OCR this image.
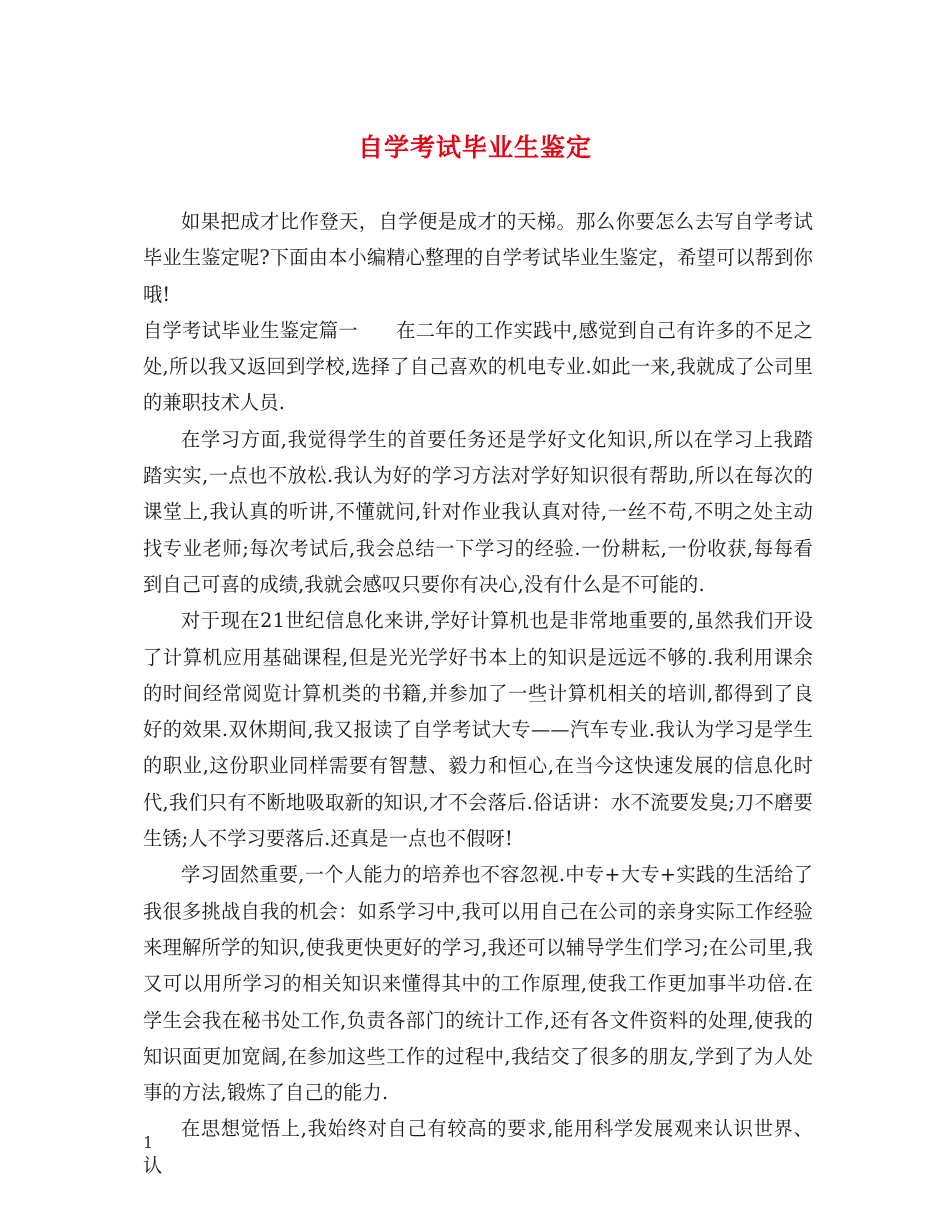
自学考试毕业生鉴定

如果把成才比作登天，自学便是成才的天梯。那么你要怎么去写自学考试毕业生鉴定呢?下面由本小编精心整理的自学考试毕业生鉴定，希望可以帮到你哦!

自学考试毕业生鉴定篇一 在二年的工作实践中,感觉到自己有许多的不足之处,所以我又返回到学校,选择了自己喜欢的机电专业.如此一来,我就成了公司里的兼职技术人员.

在学习方面,我觉得学生的首要任务还是学好文化知识,所以在学习上我踏踏实实,一点也不放松.我认为好的学习方法对学好知识很有帮助,所以在每次的课堂上,我认真的听讲,不懂就问,针对作业我认真对待,一丝不苟,不明之处主动找专业老师;每次考试后,我会总结一下学习的经验.一份耕耘,一份收获,每每看到自己可喜的成绩,我就会感叹只要你有决心,没有什么是不可能的.

对于现在21世纪信息化来讲,学好计算机也是非常地重要的,虽然我们开设了计算机应用基础课程,但是光光学好书本上的知识是远远不够的.我利用课余的时间经常阅览计算机类的书籍,并参加了一些计算机相关的培训,都得到了良好的效果.双休期间,我又报读了自学考试大专——汽车专业.我认为学习是学生的职业,这份职业同样需要有智慧、毅力和恒心,在当今这快速发展的信息化时代,我们只有不断地吸取新的知识,才不会落后.俗话讲：水不流要发臭;刀不磨要生锈;人不学习要落后.还真是一点也不假呀!

学习固然重要,一个人能力的培养也不容忽视.中专+大专+实践的生活给了我很多挑战自我的机会：如系学习中,我可以用自己在公司的亲身实际工作经验来理解所学的知识,使我更快更好的学习,我还可以辅导学生们学习;在公司里,我又可以用所学习的相关知识来懂得其中的工作原理,使我工作更加事半功倍.在学生会我在秘书处工作,负责各部门的统计工作,还有各文件资料的处理,使我的知识面更加宽阔,在参加这些工作的过程中,我结交了很多的朋友,学到了为人处事的方法,锻炼了自己的能力.

在思想觉悟上,我始终对自己有较高的要求,能用科学发展观来认识世界、认

1
